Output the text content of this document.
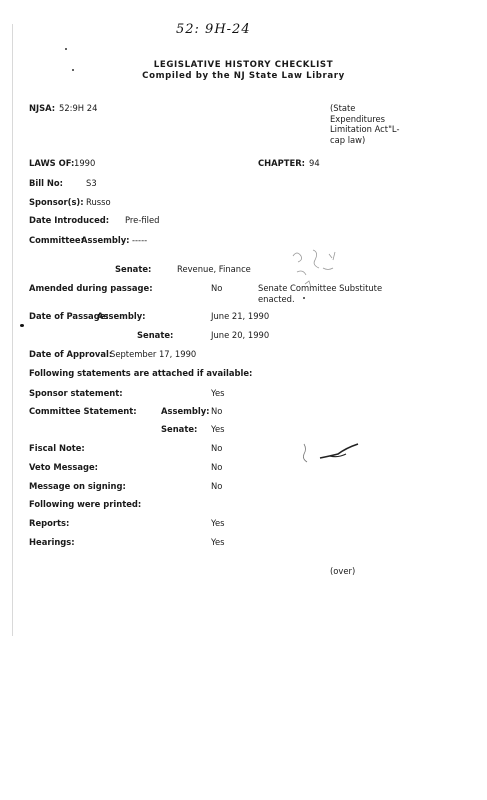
52: 9H-24
LEGISLATIVE HISTORY CHECKLIST
Compiled by the NJ State Law Library
NJSA: 52:9H 24	(State Expenditures Limitation Act"L- cap law)
LAWS OF: 1990	CHAPTER: 94
Bill No:	S3
Sponsor(s): Russo
Date Introduced: Pre-filed
Committee:
Assembly: -----
Senate:	Revenue, Finance
Amended during passage:	No	Senate Committee Substitute enacted.
Date of Passage:
Assembly:	June 21, 1990
Senate:	June 20, 1990
Date of Approval:
September 17, 1990
Following statements are attached if available:
Sponsor statement:	Yes
Committee Statement:	Assembly: No
Senate: Yes
Fiscal Note:	No
Veto Message:	No
Message on signing:	No
Following were printed:
Reports:	Yes
Hearings:	Yes
(over)
